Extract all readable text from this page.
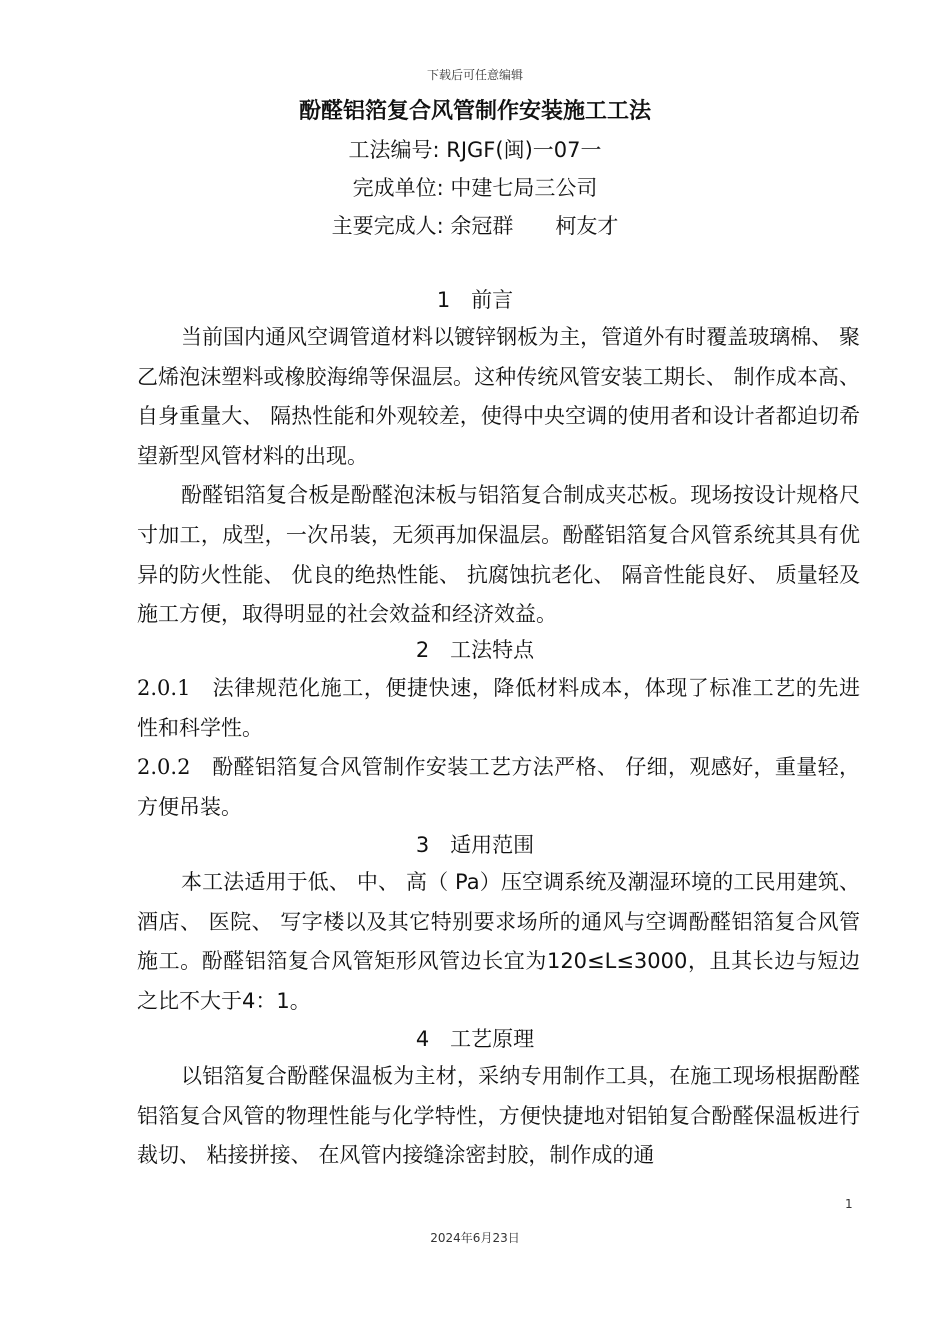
下载后可任意编辑
酚醛铝箔复合风管制作安装施工工法
工法编号: RJGF(闽)一07一
完成单位: 中建七局三公司
主要完成人: 余冠群　　柯友才
1　前言

当前国内通风空调管道材料以镀锌钢板为主，管道外有时覆盖玻璃棉、 聚乙烯泡沫塑料或橡胶海绵等保温层。这种传统风管安装工期长、 制作成本高、 自身重量大、 隔热性能和外观较差，使得中央空调的使用者和设计者都迫切希望新型风管材料的出现。

酚醛铝箔复合板是酚醛泡沫板与铝箔复合制成夹芯板。现场按设计规格尺寸加工，成型，一次吊装，无须再加保温层。酚醛铝箔复合风管系统其具有优异的防火性能、 优良的绝热性能、 抗腐蚀抗老化、 隔音性能良好、 质量轻及施工方便，取得明显的社会效益和经济效益。

2　工法特点

2.0.1　 法律规范化施工，便捷快速，降低材料成本，体现了标准工艺的先进性和科学性。

2.0.2　 酚醛铝箔复合风管制作安装工艺方法严格、 仔细，观感好，重量轻，方便吊装。

3　适用范围

本工法适用于低、 中、 高（ Pa）压空调系统及潮湿环境的工民用建筑、 酒店、 医院、 写字楼以及其它特别要求场所的通风与空调酚醛铝箔复合风管施工。酚醛铝箔复合风管矩形风管边长宜为120≤L≤3000，且其长边与短边之比不大于4：1。

4　工艺原理

以铝箔复合酚醛保温板为主材，采纳专用制作工具，在施工现场根据酚醛铝箔复合风管的物理性能与化学特性，方便快捷地对铝铂复合酚醛保温板进行裁切、 粘接拼接、 在风管内接缝涂密封胶，制作成的通

1
2024年6月23日
